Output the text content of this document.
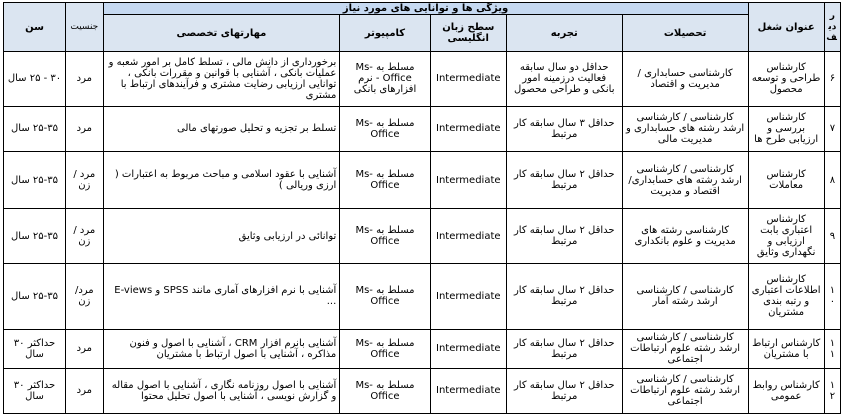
ردیف	عنوان شغل	ویژگی ها و توانایی های مورد نیاز					جنسیت	سن
		تحصیلات	تجربه	سطح زبان انگلیسی	کامپیوتر	مهارتهای تخصصی		
۶	کارشناس طراحی و توسعه محصول	کارشناسی حسابداری / مدیریت و اقتصاد	حداقل دو سال سابقه فعالیت درزمینه امور بانکی و طراحی محصول	Intermediate	مسلط به Ms-Office - نرم افزارهای بانکی	برخورداری از دانش مالی ، تسلط کامل بر امور شعبه و عملیات بانکی ، آشنایی با قوانین و مقررات بانکی ، توانایی ارزیابی رضایت مشتری و فرآیندهای ارتباط با مشتری	مرد	۳۰ - ۲۵ سال
۷	کارشناس بررسی و ارزیابی طرح ها	کارشناسی / کارشناسی ارشد رشته های حسابداری و مدیریت مالی	حداقل ۳ سال سابقه کار مرتبط	Intermediate	مسلط به Ms-Office	تسلط بر تجزیه و تحلیل صورتهای مالی	مرد	۲۵-۳۵ سال
۸	کارشناس معاملات	کارشناسی / کارشناسی ارشد رشته های حسابداری/ اقتصاد و مدیریت	حداقل ۲ سال سابقه کار مرتبط	Intermediate	مسلط به Ms-Office	آشنایی با عقود اسلامی و مباحث مربوط به اعتبارات ( ارزی وریالی )	مرد / زن	۲۵-۳۵ سال
۹	کارشناس اعتباری بابت ارزیابی و نگهداری وثایق	کارشناسی رشته های مدیریت و علوم بانکداری	حداقل ۲ سال سابقه کار مرتبط	Intermediate	مسلط به Ms-Office	توانائی در ارزیابی وثایق	مرد / زن	۲۵-۳۵ سال
۱۰	کارشناس اطلاعات اعتباری و رتبه بندی مشتریان	کارشناسی / کارشناسی ارشد رشته آمار	حداقل ۲ سال سابقه کار مرتبط	Intermediate	مسلط به Ms-Office	آشنایی با نرم افزارهای آماری مانند SPSS و E-views ...	مرد/ زن	۲۵-۳۵ سال
۱۱	کارشناس ارتباط با مشتریان	کارشناسی / کارشناسی ارشد رشته علوم ارتباطات اجتماعی	حداقل ۲ سال سابقه کار مرتبط	Intermediate	مسلط به Ms-Office	آشنایی بانرم افزار CRM ، آشنایی با اصول و فنون مذاکره ، آشنایی با اصول ارتباط با مشتریان	مرد	حداکثر ۳۰ سال
۱۲	کارشناس روابط عمومی	کارشناسی / کارشناسی ارشد رشته علوم ارتباطات اجتماعی	حداقل ۲ سال سابقه کار مرتبط	Intermediate	مسلط به Ms-Office	آشنایی با اصول روزنامه نگاری ، آشنایی با اصول مقاله و گزارش نویسی ، آشنایی با اصول تحلیل محتوا	مرد	حداکثر ۳۰ سال
